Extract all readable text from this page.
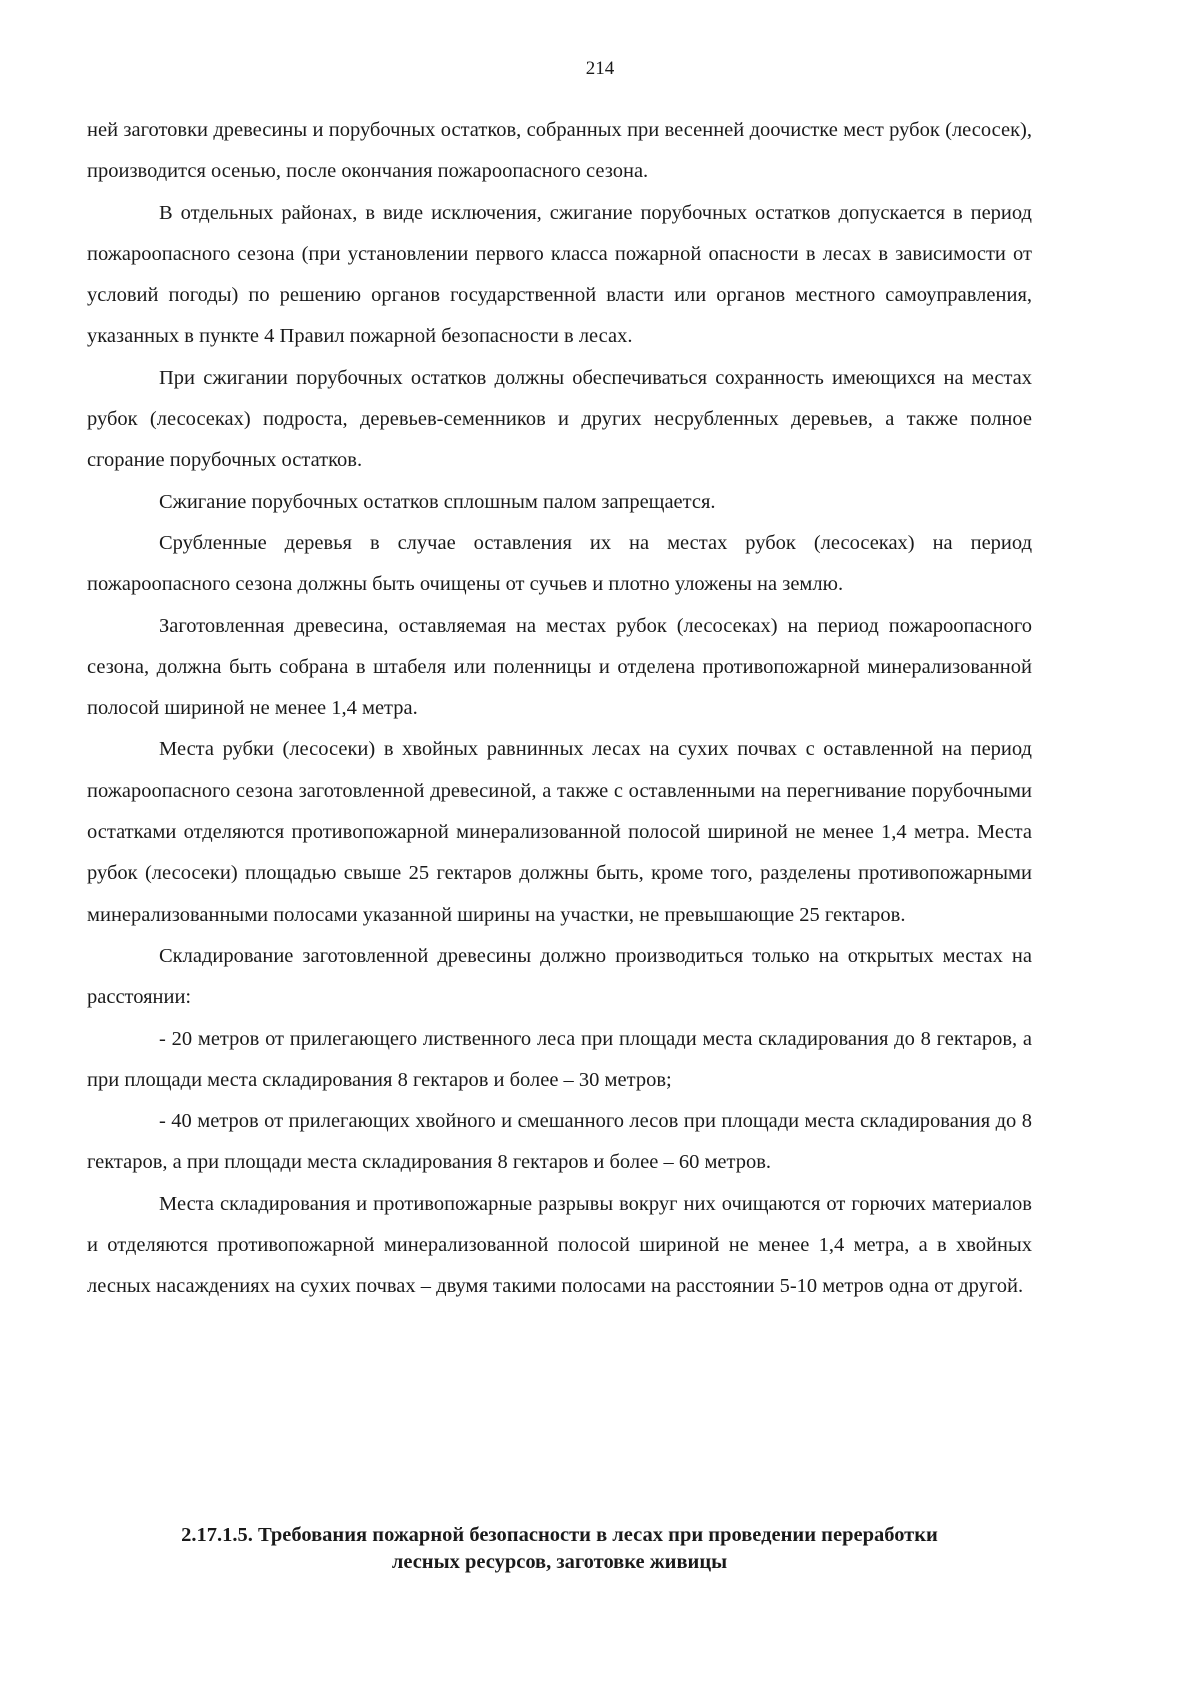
214

ней заготовки древесины и порубочных остатков, собранных при весенней доочистке мест рубок (лесосек), производится осенью, после окончания пожароопасного сезона.

В отдельных районах, в виде исключения, сжигание порубочных остатков допускается в период пожароопасного сезона (при установлении первого класса пожарной опасности в лесах в зависимости от условий погоды) по решению органов государственной власти или органов местного самоуправления, указанных в пункте 4 Правил пожарной безопасности в лесах.

При сжигании порубочных остатков должны обеспечиваться сохранность имеющихся на местах рубок (лесосеках) подроста, деревьев-семенников и других несрубленных деревьев, а также полное сгорание порубочных остатков.

Сжигание порубочных остатков сплошным палом запрещается.

Срубленные деревья в случае оставления их на местах рубок (лесосеках) на период пожароопасного сезона должны быть очищены от сучьев и плотно уложены на землю.

Заготовленная древесина, оставляемая на местах рубок (лесосеках) на период пожароопасного сезона, должна быть собрана в штабеля или поленницы и отделена противопожарной минерализованной полосой шириной не менее 1,4 метра.

Места рубки (лесосеки) в хвойных равнинных лесах на сухих почвах с оставленной на период пожароопасного сезона заготовленной древесиной, а также с оставленными на перегнивание порубочными остатками отделяются противопожарной минерализованной полосой шириной не менее 1,4 метра. Места рубок (лесосеки) площадью свыше 25 гектаров должны быть, кроме того, разделены противопожарными минерализованными полосами указанной ширины на участки, не превышающие 25 гектаров.

Складирование заготовленной древесины должно производиться только на открытых местах на расстоянии:

- 20 метров от прилегающего лиственного леса при площади места складирования до 8 гектаров, а при площади места складирования 8 гектаров и более – 30 метров;

- 40 метров от прилегающих хвойного и смешанного лесов при площади места складирования до 8 гектаров, а при площади места складирования 8 гектаров и более – 60 метров.

Места складирования и противопожарные разрывы вокруг них очищаются от горючих материалов и отделяются противопожарной минерализованной полосой шириной не менее 1,4 метра, а в хвойных лесных насаждениях на сухих почвах – двумя такими полосами на расстоянии 5-10 метров одна от другой.

2.17.1.5. Требования пожарной безопасности в лесах при проведении переработки
лесных ресурсов, заготовке живицы
